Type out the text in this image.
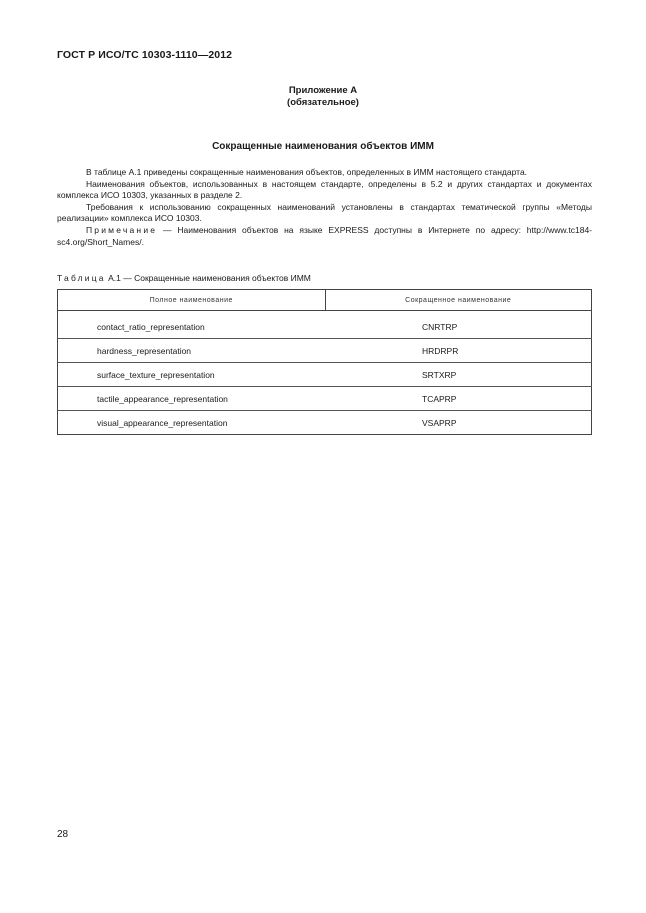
ГОСТ Р ИСО/ТС 10303-1110—2012
Приложение А
(обязательное)
Сокращенные наименования объектов ИММ

В таблице А.1 приведены сокращенные наименования объектов, определенных в ИММ настоящего стандарта.

Наименования объектов, использованных в настоящем стандарте, определены в 5.2 и других стандартах и документах комплекса ИСО 10303, указанных в разделе 2.

Требования к использованию сокращенных наименований установлены в стандартах тематической группы «Методы реализации» комплекса ИСО 10303.

Примечание — Наименования объектов на языке EXPRESS доступны в Интернете по адресу: http://www.tc184-sc4.org/Short_Names/.

Таблица А.1 — Сокращенные наименования объектов ИММ
Полное наименование	Сокращенное наименование

contact_ratio_representation	CNRTRP
hardness_representation	HRDRPR
surface_texture_representation	SRTXRP
tactile_appearance_representation	TCAPRP
visual_appearance_representation	VSAPRP
28
